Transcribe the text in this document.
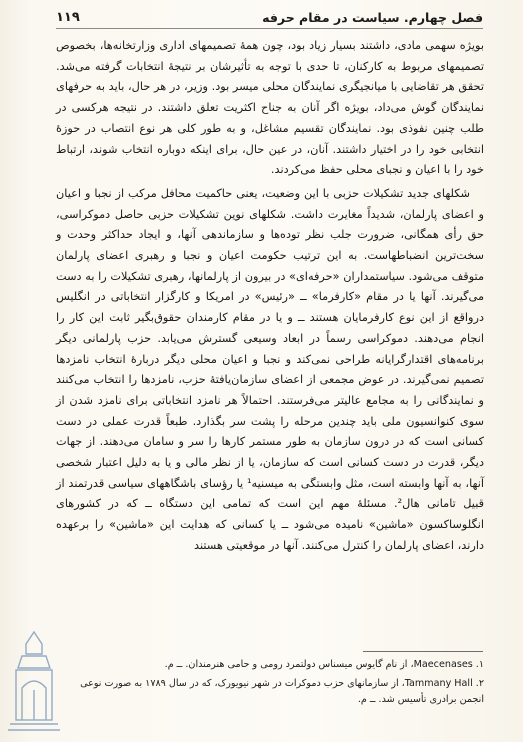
فصل چهارم. سیاست در مقام حرفه
۱۱۹

بویژه سهمی مادی، داشتند بسیار زیاد بود، چون همهٔ تصمیمهای اداری وزارتخانه‌ها، بخصوص تصمیمهای مربوط به کارکنان، تا حدی با توجه به تأثیرشان بر نتیجهٔ انتخابات گرفته می‌شد. تحقق هر تقاضایی با میانجیگری نمایندگان محلی میسر بود. وزیر، در هر حال، باید به حرفهای نمایندگان گوش می‌داد، بویژه اگر آنان به جناح اکثریت تعلق داشتند. در نتیجه هرکسی در طلب چنین نفوذی بود. نمایندگان تقسیم مشاغل، و به طور کلی هر نوع انتصاب در حوزهٔ انتخابی خود را در اختیار داشتند. آنان، در عین حال، برای اینکه دوباره انتخاب شوند، ارتباط خود را با اعیان و نجبای محلی حفظ می‌کردند.

شکلهای جدید تشکیلات حزبی با این وضعیت، یعنی حاکمیت محافل مرکب از نجبا و اعیان و اعضای پارلمان، شدیداً مغایرت داشت. شکلهای نوین تشکیلات حزبی حاصل دموکراسی، حق رأی همگانی، ضرورت جلب نظر توده‌ها و سازماندهی آنها، و ایجاد حداکثر وحدت و سخت‌ترین انضباطهاست. به این ترتیب حکومت اعیان و نجبا و رهبری اعضای پارلمان متوقف می‌شود. سیاستمداران «حرفه‌ای» در بیرون از پارلمانها، رهبری تشکیلات را به دست می‌گیرند. آنها یا در مقام «کارفرما» ــ «رئیس» در امریکا و کارگزار انتخاباتی در انگلیس درواقع از این نوع کارفرمایان هستند ــ و یا در مقام کارمندان حقوق‌بگیر ثابت این کار را انجام می‌دهند. دموکراسی رسماً در ابعاد وسیعی گسترش می‌یابد. حزب پارلمانی دیگر برنامه‌های اقتدارگرایانه طراحی نمی‌کند و نجبا و اعیان محلی دیگر دربارهٔ انتخاب نامزدها تصمیم نمی‌گیرند. در عوض مجمعی از اعضای سازمان‌یافتهٔ حزب، نامزدها را انتخاب می‌کنند و نمایندگانی را به مجامع عالیتر می‌فرستند. احتمالاً هر نامزد انتخاباتی برای نامزد شدن از سوی کنوانسیون ملی باید چندین مرحله را پشت سر بگذارد. طبعاً قدرت عملی در دست کسانی است که در درون سازمان به طور مستمر کارها را سر و سامان می‌دهند. از جهات دیگر، قدرت در دست کسانی است که سازمان، یا از نظر مالی و یا به دلیل اعتبار شخصی آنها، به آنها وابسته است، مثل وابستگی به میسنیه¹ یا رؤسای باشگاههای سیاسی قدرتمند از قبیل تامانی هال². مسئلهٔ مهم این است که تمامی این دستگاه ــ که در کشورهای انگلوساکسون «ماشین» نامیده می‌شود ــ یا کسانی که هدایت این «ماشین» را برعهده دارند، اعضای پارلمان را کنترل می‌کنند. آنها در موقعیتی هستند

۱. Maecenases، از نام گایوس میسناس دولتمرد رومی و حامی هنرمندان. ــ م.
۲. Tammany Hall، از سازمانهای حزب دموکرات در شهر نیویورک، که در سال ۱۷۸۹ به صورت نوعی انجمن برادری تأسیس شد. ــ م.
